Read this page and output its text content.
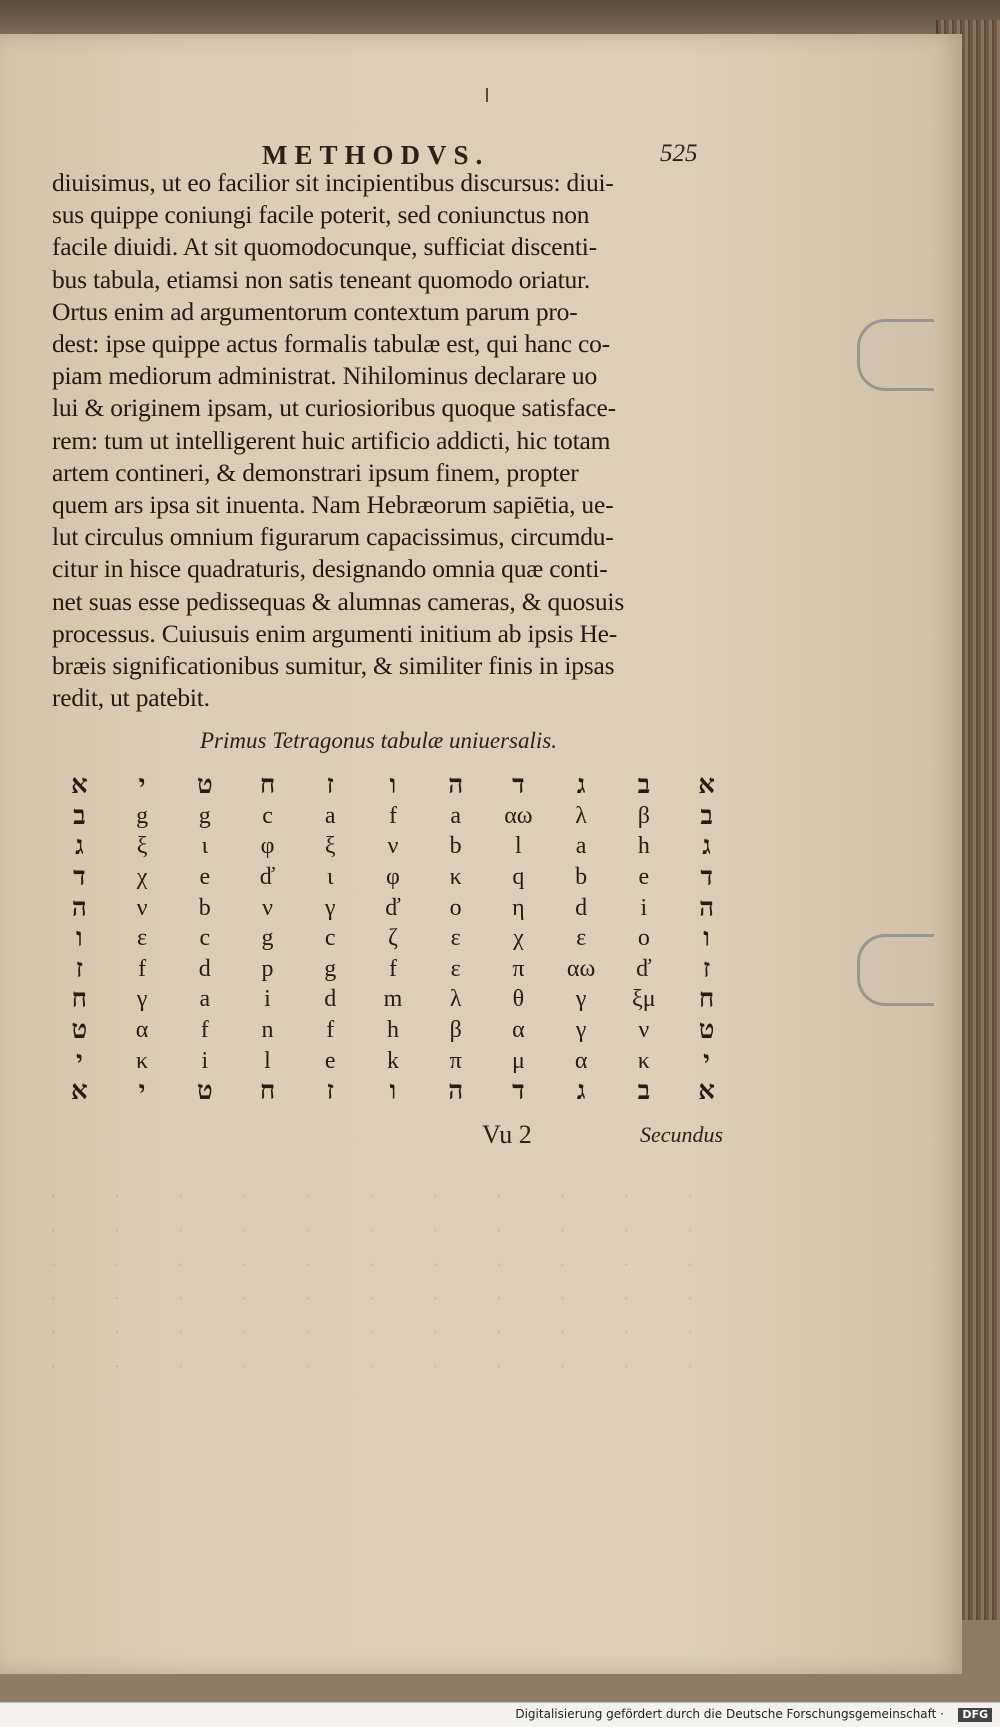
METHODVS.	525
diuisimus, ut eo facilior sit incipientibus discursus: diui-
sus quippe coniungi facile poterit, sed coniunctus non
facile diuidi. At sit quomodocunque, sufficiat discenti-
bus tabula, etiamsi non satis teneant quomodo oriatur.
Ortus enim ad argumentorum contextum parum pro-
dest: ipse quippe actus formalis tabulæ est, qui hanc co-
piam mediorum administrat. Nihilominus declarare uo
lui & originem ipsam, ut curiosioribus quoque satisface-
rem: tum ut intelligerent huic artificio addicti, hic totam
artem contineri, & demonstrari ipsum finem, propter
quem ars ipsa sit inuenta. Nam Hebræorum sapiētia, ue-
lut circulus omnium figurarum capacissimus, circumdu-
citur in hisce quadraturis, designando omnia quæ conti-
net suas esse pedissequas & alumnas cameras, & quosuis
processus. Cuiusuis enim argumenti initium ab ipsis He-
bræis significationibus sumitur, & similiter finis in ipsas
redit, ut patebit.
Primus Tetragonus tabulæ uniuersalis.
א	י	ט	ח	ז	ו	ה	ד	ג	ב	א
ב	g	g	c	a	f	a	αω	λ	β	ב
ג	ξ	ι	φ	ξ	ν	b	l	a	h	ג
ד	χ	e	ď	ι	φ	κ	q	b	e	ד
ה	ν	b	ν	γ	ď	ο	η	d	i	ה
ו	ε	c	g	c	ζ	ε	χ	ε	o	ו
ז	f	d	p	g	f	ε	π	αω	ď	ז
ח	γ	a	i	d	m	λ	θ	γ	ξμ	ח
ט	α	f	n	f	h	β	α	γ	ν	ט
י	κ	i	l	e	k	π	μ	α	κ	י
א	י	ט	ח	ז	ו	ה	ד	ג	ב	א
Vu 2	Secundus
· · · · · · · · · · ·
· · · · · · · · · · ·
· · · · · · · · · · ·
· · · · · · · · · · ·
· · · · · · · · · · ·
· · · · · · · · · · ·
Digitalisierung gefördert durch die Deutsche Forschungsgemeinschaft ·	DFG
